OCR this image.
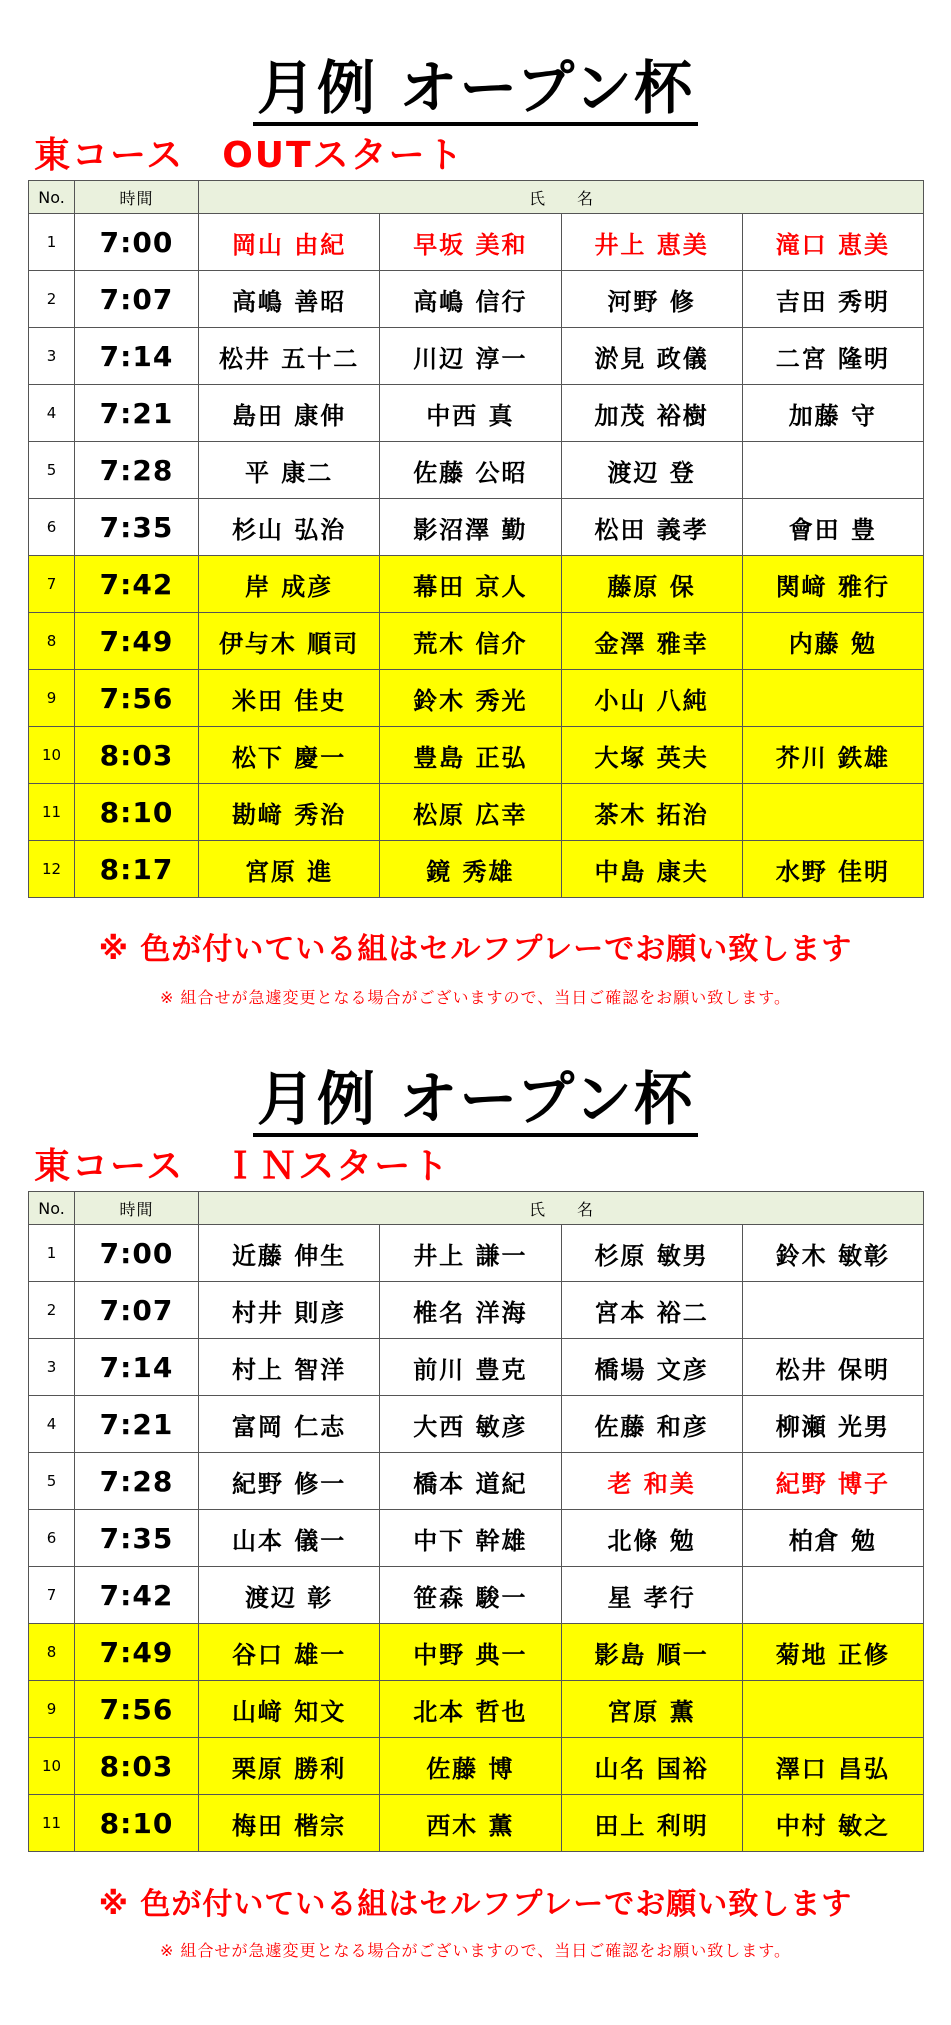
月例 オープン杯
東コース　OUTスタート
No.	時間	氏　　名			
1	7:00	岡山 由紀	早坂 美和	井上 恵美	滝口 恵美
2	7:07	高嶋 善昭	高嶋 信行	河野 修	吉田 秀明
3	7:14	松井 五十二	川辺 淳一	淤見 政儀	二宮 隆明
4	7:21	島田 康伸	中西 真	加茂 裕樹	加藤 守
5	7:28	平 康二	佐藤 公昭	渡辺 登	
6	7:35	杉山 弘治	影沼澤 勤	松田 義孝	會田 豊
7	7:42	岸 成彦	幕田 京人	藤原 保	関﨑 雅行
8	7:49	伊与木 順司	荒木 信介	金澤 雅幸	内藤 勉
9	7:56	米田 佳史	鈴木 秀光	小山 八純	
10	8:03	松下 慶一	豊島 正弘	大塚 英夫	芥川 鉄雄
11	8:10	勘﨑 秀治	松原 広幸	茶木 拓治	
12	8:17	宮原 進	鏡 秀雄	中島 康夫	水野 佳明
※ 色が付いている組はセルフプレーでお願い致します
※ 組合せが急遽変更となる場合がございますので、当日ご確認をお願い致します。
月例 オープン杯
東コース　ＩＮスタート
No.	時間	氏　　名			
1	7:00	近藤 伸生	井上 謙一	杉原 敏男	鈴木 敏彰
2	7:07	村井 則彦	椎名 洋海	宮本 裕二	
3	7:14	村上 智洋	前川 豊克	橋場 文彦	松井 保明
4	7:21	富岡 仁志	大西 敏彦	佐藤 和彦	柳瀬 光男
5	7:28	紀野 修一	橋本 道紀	老 和美	紀野 博子
6	7:35	山本 儀一	中下 幹雄	北條 勉	柏倉 勉
7	7:42	渡辺 彰	笹森 駿一	星 孝行	
8	7:49	谷口 雄一	中野 典一	影島 順一	菊地 正修
9	7:56	山﨑 知文	北本 哲也	宮原 薫	
10	8:03	栗原 勝利	佐藤 博	山名 国裕	澤口 昌弘
11	8:10	梅田 楷宗	西木 薫	田上 利明	中村 敏之
※ 色が付いている組はセルフプレーでお願い致します
※ 組合せが急遽変更となる場合がございますので、当日ご確認をお願い致します。
